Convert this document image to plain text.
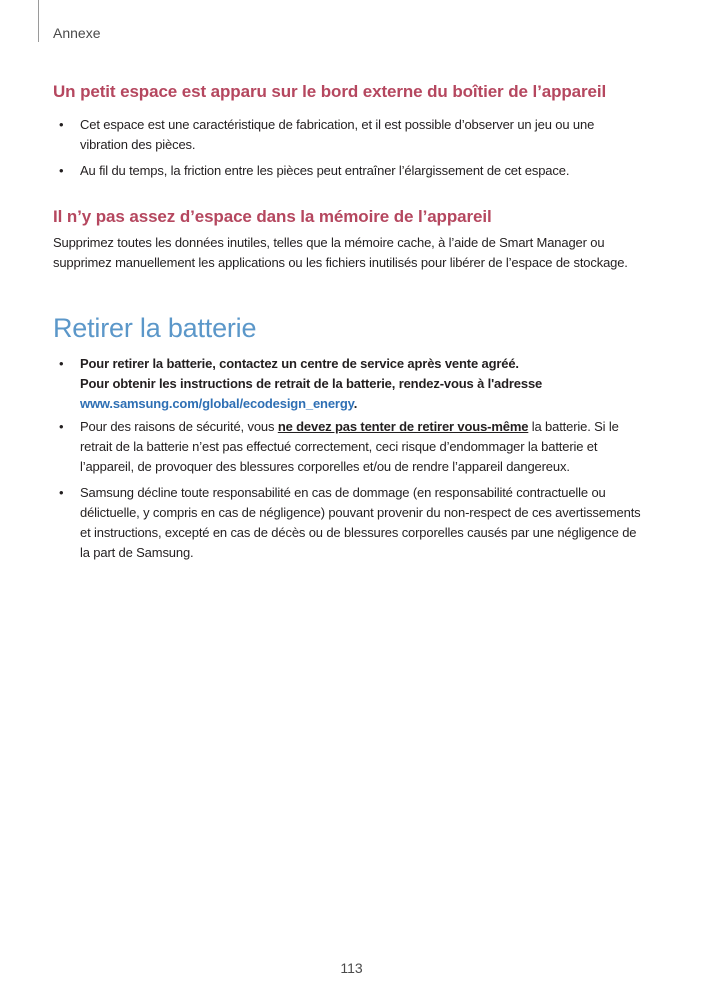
Annexe
Un petit espace est apparu sur le bord externe du boîtier de l’appareil
• Cet espace est une caractéristique de fabrication, et il est possible d’observer un jeu ou une vibration des pièces.
• Au fil du temps, la friction entre les pièces peut entraîner l’élargissement de cet espace.
Il n’y pas assez d’espace dans la mémoire de l’appareil

Supprimez toutes les données inutiles, telles que la mémoire cache, à l’aide de Smart Manager ou supprimez manuellement les applications ou les fichiers inutilisés pour libérer de l’espace de stockage.

Retirer la batterie
• Pour retirer la batterie, contactez un centre de service après vente agréé.
Pour obtenir les instructions de retrait de la batterie, rendez-vous à l'adresse
www.samsung.com/global/ecodesign_energy.
• Pour des raisons de sécurité, vous ne devez pas tenter de retirer vous-même la batterie. Si le retrait de la batterie n’est pas effectué correctement, ceci risque d’endommager la batterie et l’appareil, de provoquer des blessures corporelles et/ou de rendre l’appareil dangereux.
• Samsung décline toute responsabilité en cas de dommage (en responsabilité contractuelle ou délictuelle, y compris en cas de négligence) pouvant provenir du non-respect de ces avertissements et instructions, excepté en cas de décès ou de blessures corporelles causés par une négligence de la part de Samsung.
113
